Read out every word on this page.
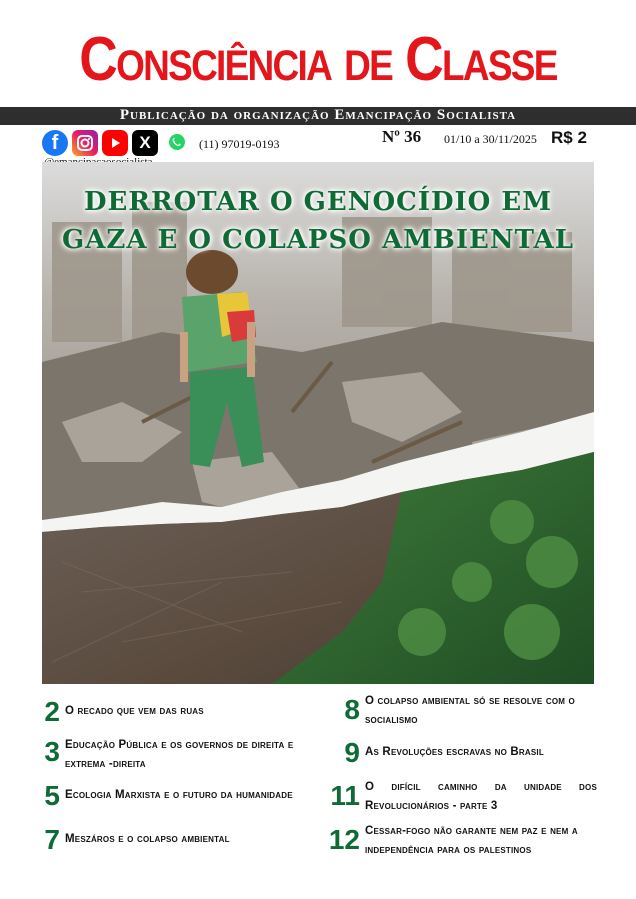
Consciência de Classe
Publicação da organização Emancipação Socialista
f	X	(11) 97019-0193	Nº 36 01/10 a 30/11/2025 R$ 2
DERROTAR O GENOCÍDIO EM
GAZA E O COLAPSO AMBIENTAL
2 O recado que vem das ruas
3 Educação Pública e os governos de direita e extrema -direita
5 Ecologia Marxista e o futuro da humanidade
7 Meszáros e o colapso ambiental
8 O colapso ambiental só se resolve com o socialismo
9 As Revoluções escravas no Brasil
11 O difícil caminho da unidade dos Revolucionários - parte 3
12 Cessar-fogo não garante nem paz e nem a independência para os palestinos
